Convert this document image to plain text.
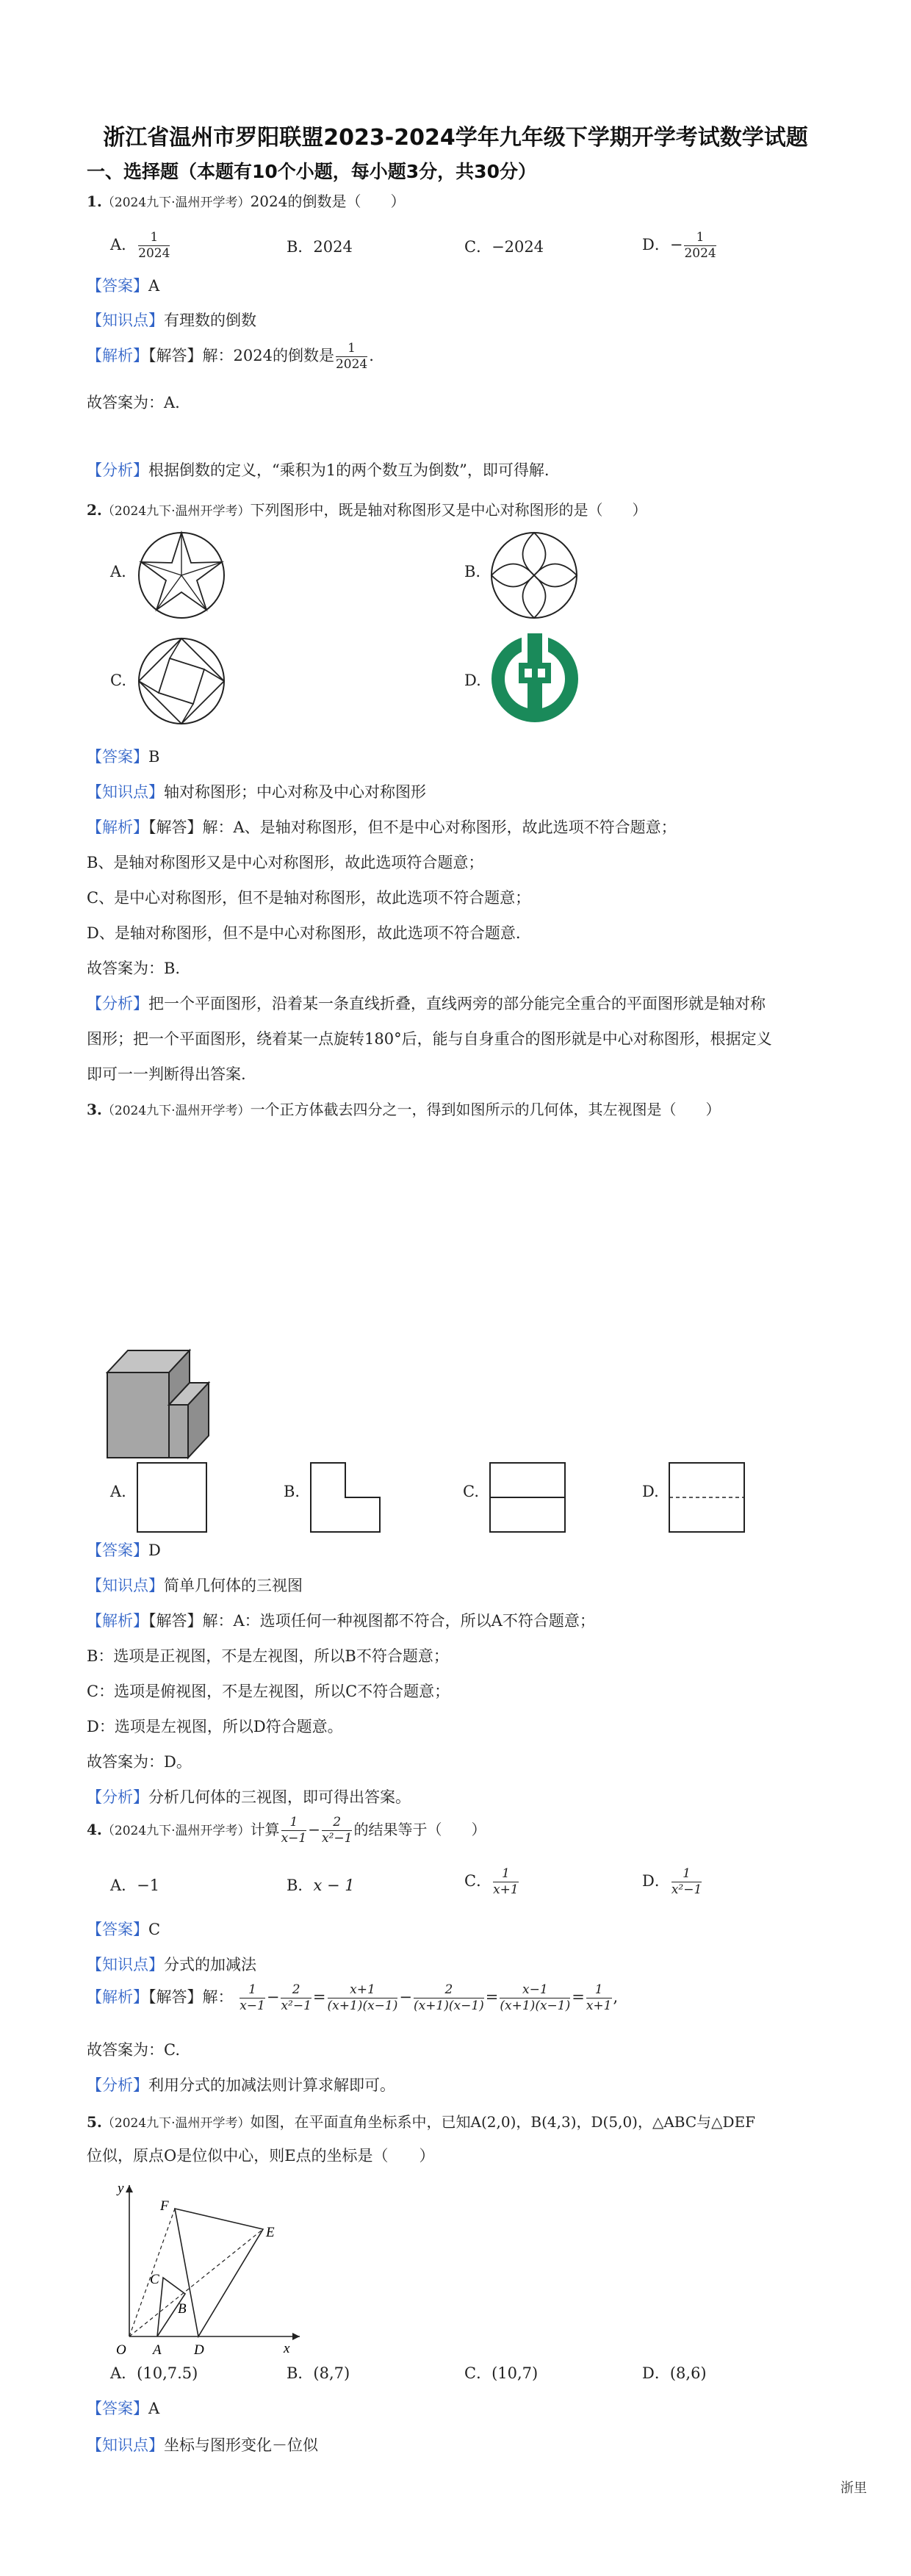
浙江省温州市罗阳联盟2023-2024学年九年级下学期开学考试数学试题
一、选择题（本题有10个小题，每小题3分，共30分）
1.（2024九下·温州开学考）2024的倒数是（　　）
A． $\frac{1}{2024}$	B．2024	C．−2024	D．− $\frac{1}{2024}$
【答案】A
【知识点】有理数的倒数
【解析】【解答】解：2024的倒数是 $\frac{1}{2024}$ .
故答案为：A.
【分析】根据倒数的定义，“乘积为1的两个数互为倒数”，即可得解.
2.（2024九下·温州开学考）下列图形中，既是轴对称图形又是中心对称图形的是（　　）
A.	B.
C.	D.
【答案】B
【知识点】轴对称图形；中心对称及中心对称图形
【解析】【解答】解：A、是轴对称图形，但不是中心对称图形，故此选项不符合题意；
B、是轴对称图形又是中心对称图形，故此选项符合题意；
C、是中心对称图形，但不是轴对称图形，故此选项不符合题意；
D、是轴对称图形，但不是中心对称图形，故此选项不符合题意.
故答案为：B.
【分析】把一个平面图形，沿着某一条直线折叠，直线两旁的部分能完全重合的平面图形就是轴对称
图形；把一个平面图形，绕着某一点旋转180°后，能与自身重合的图形就是中心对称图形，根据定义
即可一一判断得出答案.
3.（2024九下·温州开学考）一个正方体截去四分之一，得到如图所示的几何体，其左视图是（　　）
A.	B.	C.	D.
【答案】D
【知识点】简单几何体的三视图
【解析】【解答】解：A：选项任何一种视图都不符合，所以A不符合题意；
B：选项是正视图，不是左视图，所以B不符合题意；
C：选项是俯视图，不是左视图，所以C不符合题意；
D：选项是左视图，所以D符合题意。
故答案为：D。
【分析】分析几何体的三视图，即可得出答案。
4.（2024九下·温州开学考）计算 $\frac{1}{x-1} - \frac{2}{\text{x²−1}}$ 的结果等于（　　）
A．−1	B．x − 1	C． $\frac{1}{x+1}$	D． $\frac{1}{\text{x²−1}}$
【答案】C
【知识点】分式的加减法
【解析】【解答】解： $\frac{1}{x-1} - \frac{2}{\text{x²−1}} = \frac{x+1}{(x+1)(x-1)} - \frac{2}{(x+1)(x-1)} = \frac{x-1}{(x+1)(x-1)} = \frac{1}{x+1}$ ,
故答案为：C.
【分析】利用分式的加减法则计算求解即可。
5.（2024九下·温州开学考）如图，在平面直角坐标系中，已知A(2,0)，B(4,3)，D(5,0)，△ABC与△DEF
位似，原点O是位似中心，则E点的坐标是（　　）
y
x
F
E
C
B
O A D
A．(10,7.5)	B．(8,7)	C．(10,7)	D．(8,6)
【答案】A
【知识点】坐标与图形变化－位似
浙里
